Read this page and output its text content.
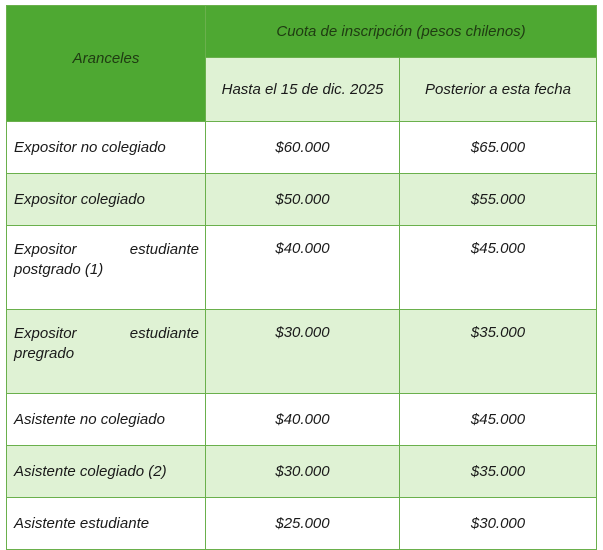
Aranceles	Cuota de inscripción (pesos chilenos)	
	Hasta el 15 de dic. 2025	Posterior a esta fecha
Expositor no colegiado	$60.000	$65.000
Expositor colegiado	$50.000	$55.000

Expositor estudiante
postgrado (1)	$40.000	$45.000

Expositor estudiante
pregrado	$30.000	$35.000
Asistente no colegiado	$40.000	$45.000
Asistente colegiado (2)	$30.000	$35.000
Asistente estudiante	$25.000	$30.000
